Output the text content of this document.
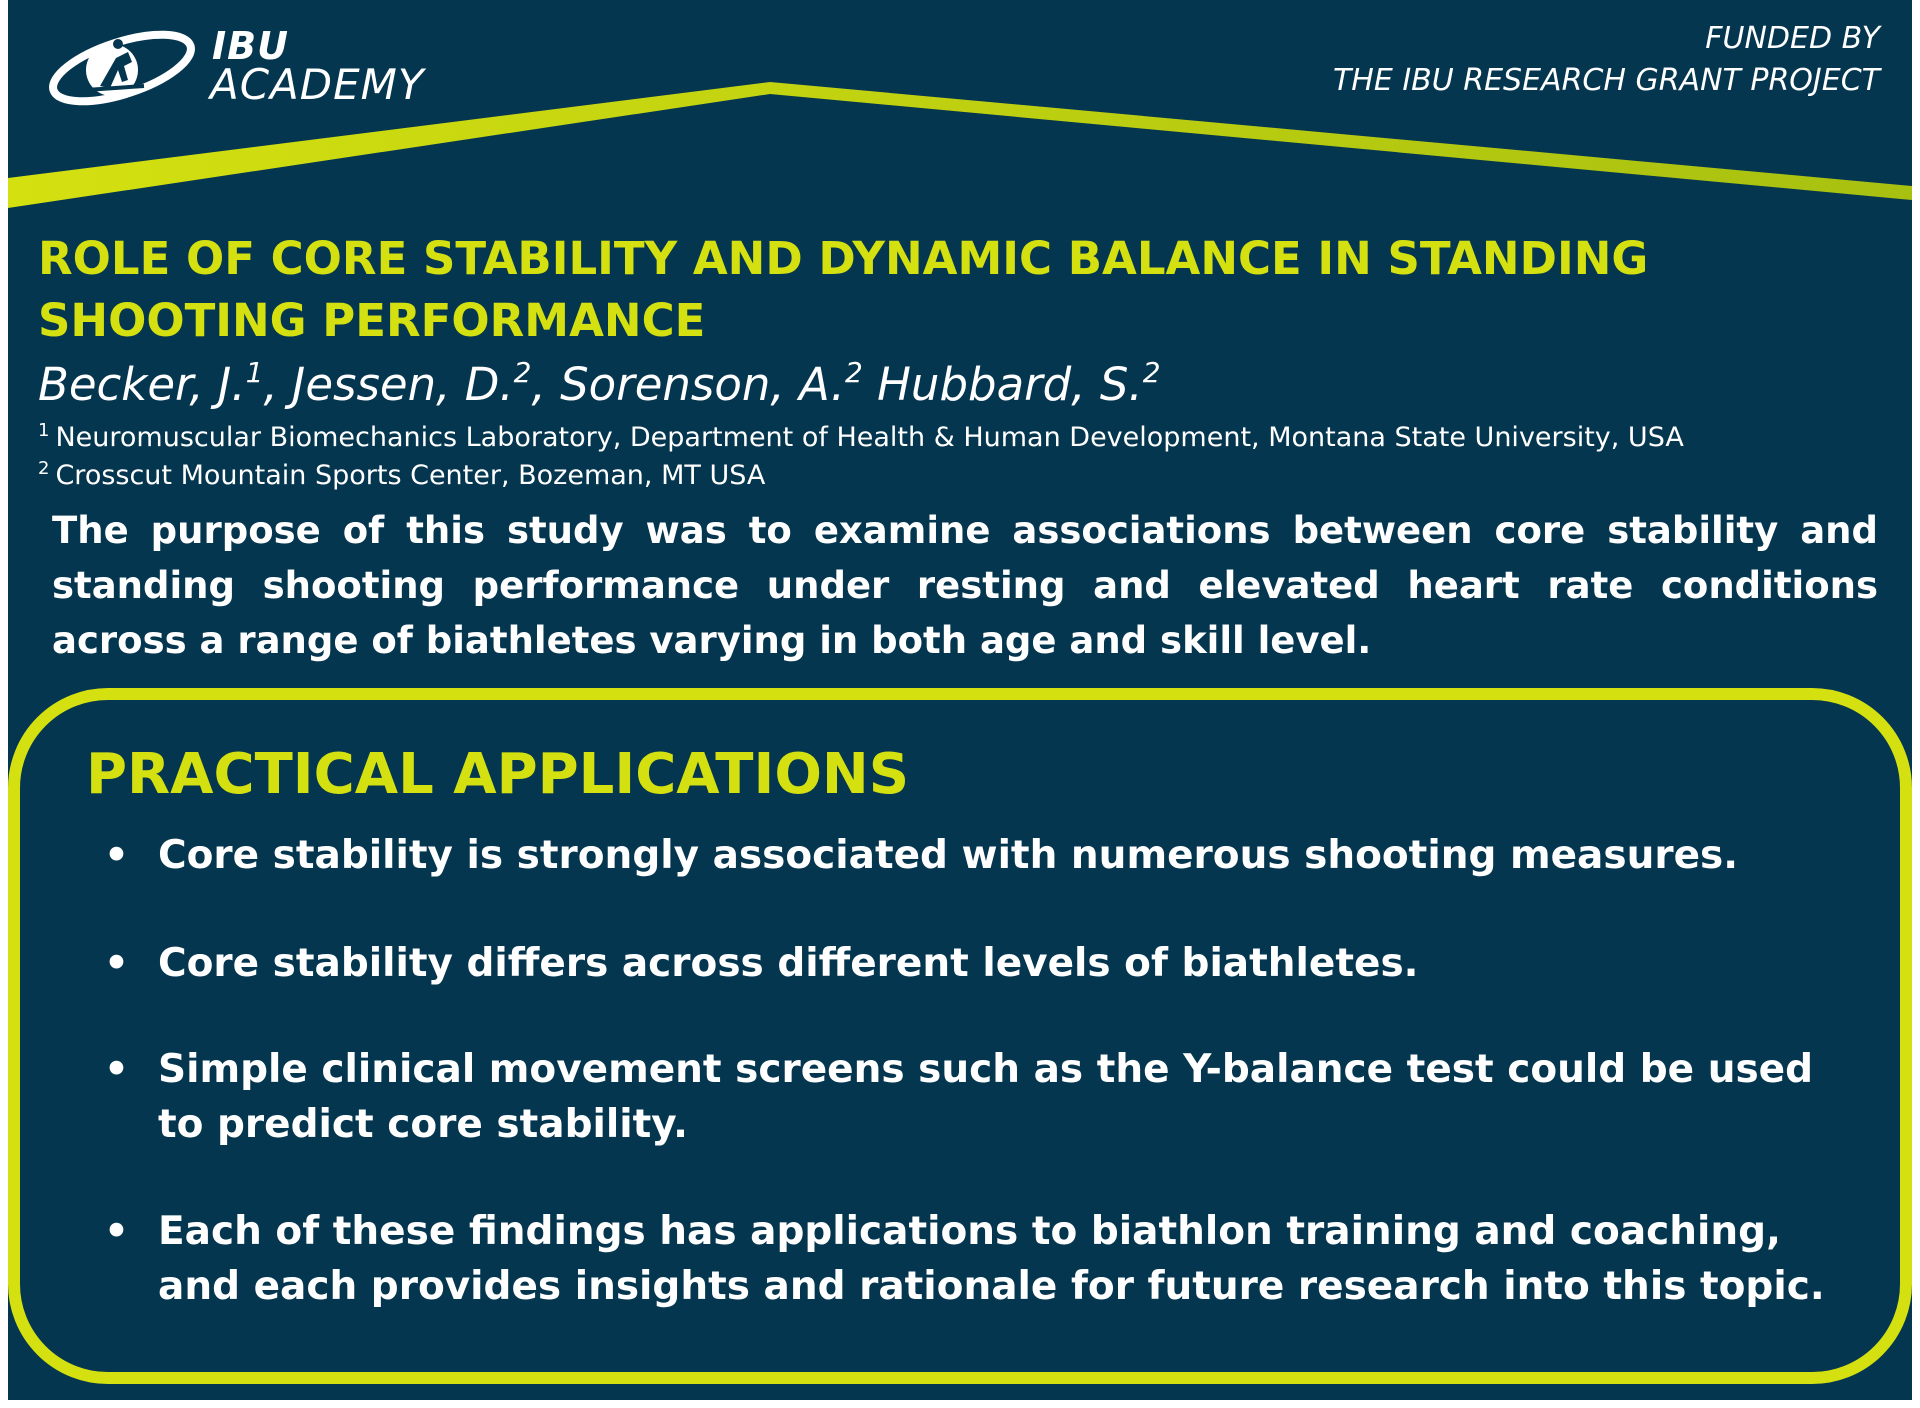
IBU
ACADEMY
FUNDED BY
THE IBU RESEARCH GRANT PROJECT
ROLE OF CORE STABILITY AND DYNAMIC BALANCE IN STANDING SHOOTING PERFORMANCE
Becker, J.$^1$, Jessen, D.$^2$, Sorenson, A.$^2$ Hubbard, S.$^2$
$^1$ Neuromuscular Biomechanics Laboratory, Department of Health & Human Development, Montana State University, USA
$^2$ Crosscut Mountain Sports Center, Bozeman, MT USA
The purpose of this study was to examine associations between core stability and standing shooting performance under resting and elevated heart rate conditions across a range of biathletes varying in both age and skill level.
PRACTICAL APPLICATIONS
• Core stability is strongly associated with numerous shooting measures.
• Core stability differs across different levels of biathletes.
• Simple clinical movement screens such as the Y-balance test could be used to predict core stability.
• Each of these findings has applications to biathlon training and coaching, and each provides insights and rationale for future research into this topic.
